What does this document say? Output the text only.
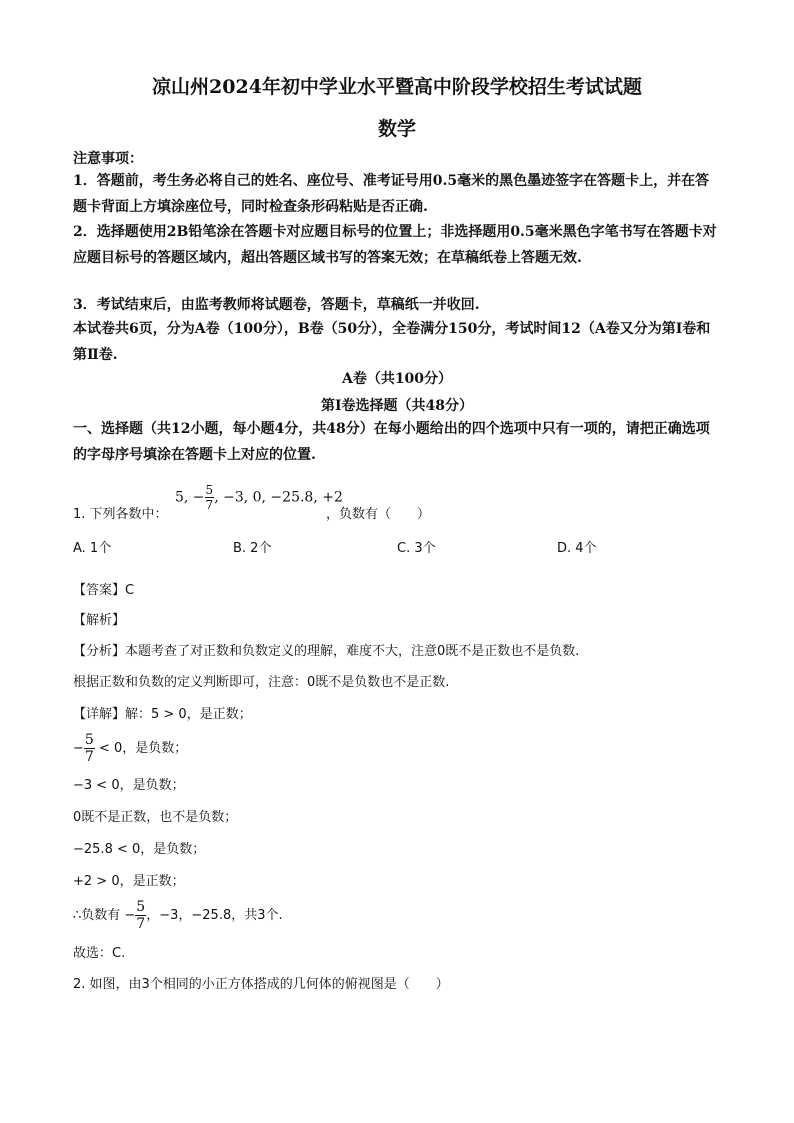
凉山州2024年初中学业水平暨高中阶段学校招生考试试题
数学
注意事项：
1．答题前，考生务必将自己的姓名、座位号、准考证号用0.5毫米的黑色墨迹签字在答题卡上，并在答题卡背面上方填涂座位号，同时检查条形码粘贴是否正确.
2．选择题使用2B铅笔涂在答题卡对应题目标号的位置上；非选择题用0.5毫米黑色字笔书写在答题卡对应题目标号的答题区域内，超出答题区域书写的答案无效；在草稿纸卷上答题无效.
3．考试结束后，由监考教师将试题卷，答题卡，草稿纸一并收回.
本试卷共6页，分为A卷（100分），B卷（50分），全卷满分150分，考试时间12（A卷又分为第Ⅰ卷和第Ⅱ卷.
A卷（共100分）
第Ⅰ卷选择题（共48分）
一、选择题（共12小题，每小题4分，共48分）在每小题给出的四个选项中只有一项的，请把正确选项的字母序号填涂在答题卡上对应的位置.
1. 下列各数中：
5, − $\frac{5}{7}$ , −3, 0, −25.8, +2
，负数有（　　）
A. 1个	B. 2个	C. 3个	D. 4个
【答案】C
【解析】
【分析】本题考查了对正数和负数定义的理解，难度不大，注意0既不是正数也不是负数.
根据正数和负数的定义判断即可，注意：0既不是负数也不是正数.
【详解】解：5 > 0，是正数；
− $\frac{5}{7} < 0$，是负数；
−3 < 0，是负数；
0既不是正数，也不是负数；
−25.8 < 0，是负数；
+2 > 0，是正数；
∴负数有 − $\frac{5}{7}$ ，−3，−25.8，共3个.
故选：C.
2. 如图，由3个相同的小正方体搭成的几何体的俯视图是（　　）
